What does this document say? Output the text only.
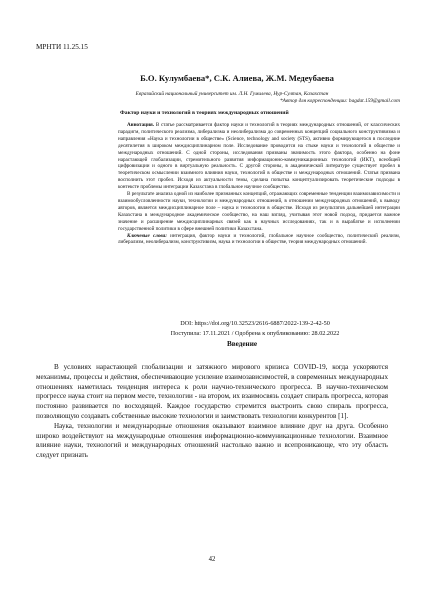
МРНТИ 11.25.15
Б.О. Кулумбаева*, С.К. Алиева, Ж.М. Медеубаева
Евразийский национальный университет им. Л.Н. Гумилева, Нур-Султан, Казахстан
*Автор для корреспонденции: bagdat.159@gmail.com
Фактор науки и технологий в теориях международных отношений

Аннотация. В статье рассматривается фактор науки и технологий в теориях международных отношений, от классических парадигм, политического реализма, либерализма и неолиберализма до современных концепций социального конструктивизма и направления «Наука и технологии в обществе» (Science, technology and society (STS), активно формирующегося в последние десятилетия в широком междисциплинарном поле. Исследование проводится на стыке науки и технологий в обществе и международных отношений. С одной стороны, исследования призваны значимость этого фактора, особенно на фоне нарастающей глобализации, стремительного развития информационно-коммуникационных технологий (ИКТ), всеобщей цифровизации и одного в виртуальную реальность. С другой стороны, в академической литературе существует пробел в теоретическом осмыслении взаимного влияния науки, технологий в обществе и международных отношений. Статья призвана восполнить этот пробел. Исходя из актуальности темы, сделана попытка концептуализировать теоретические подходы в контексте проблемы интеграции Казахстана в глобальное научное сообщество.

В результате анализа одной из наиболее признанных концепций, отражающих современные тенденции взаимозависимости и взаимообусловленности науки, технологии и международных отношений, в отношении международных отношений, к выводу авторов, является междисциплинарное поле – наука и технологии в обществе. Исходя из результатов дальнейшей интеграции Казахстана в международное академическое сообщество, на наш взгляд, учитывая этот новой подход, придается важное значение и расширение междисциплинарных связей как в научных исследованиях, так и в вырабатке и исполнении государственной политики в сфере внешней политики Казахстана.

Ключевые слова: интеграция, фактор науки и технологий, глобальное научное сообщество, политический реализм, либерализм, неолиберализм, конструктивизм, наука и технологии в обществе, теория международных отношений.

DOI: https://doi.org/10.32523/2616-6887/2022-139-2-42-50
Поступила: 17.11.2021 / Одобрена к опубликованию: 28.02.2022
Введение

В условиях нарастающей глобализации и затяжного мирового кризиса COVID-19, когда ускоряются механизмы, процессы и действия, обеспечивающие усиление взаимозависимостей, в современных международных отношениях наметилась тенденция интереса к роли научно-технического прогресса. В научно-техническом прогрессе наука стоит на первом месте, технологии - на втором, их взаимосвязь создает спираль прогресса, которая постоянно развивается по восходящей. Каждое государство стремится выстроить свою спираль прогресса, позволяющую создавать собственные высокие технологии и заимствовать технологии конкурентов [1].

Наука, технологии и международные отношения оказывают взаимное влияние друг на друга. Особенно широко воздействуют на международные отношения информационно-коммуникационные технологии. Взаимное влияние науки, технологий и международных отношений настолько важно и всепроникающе, что эту область следует признать

42
